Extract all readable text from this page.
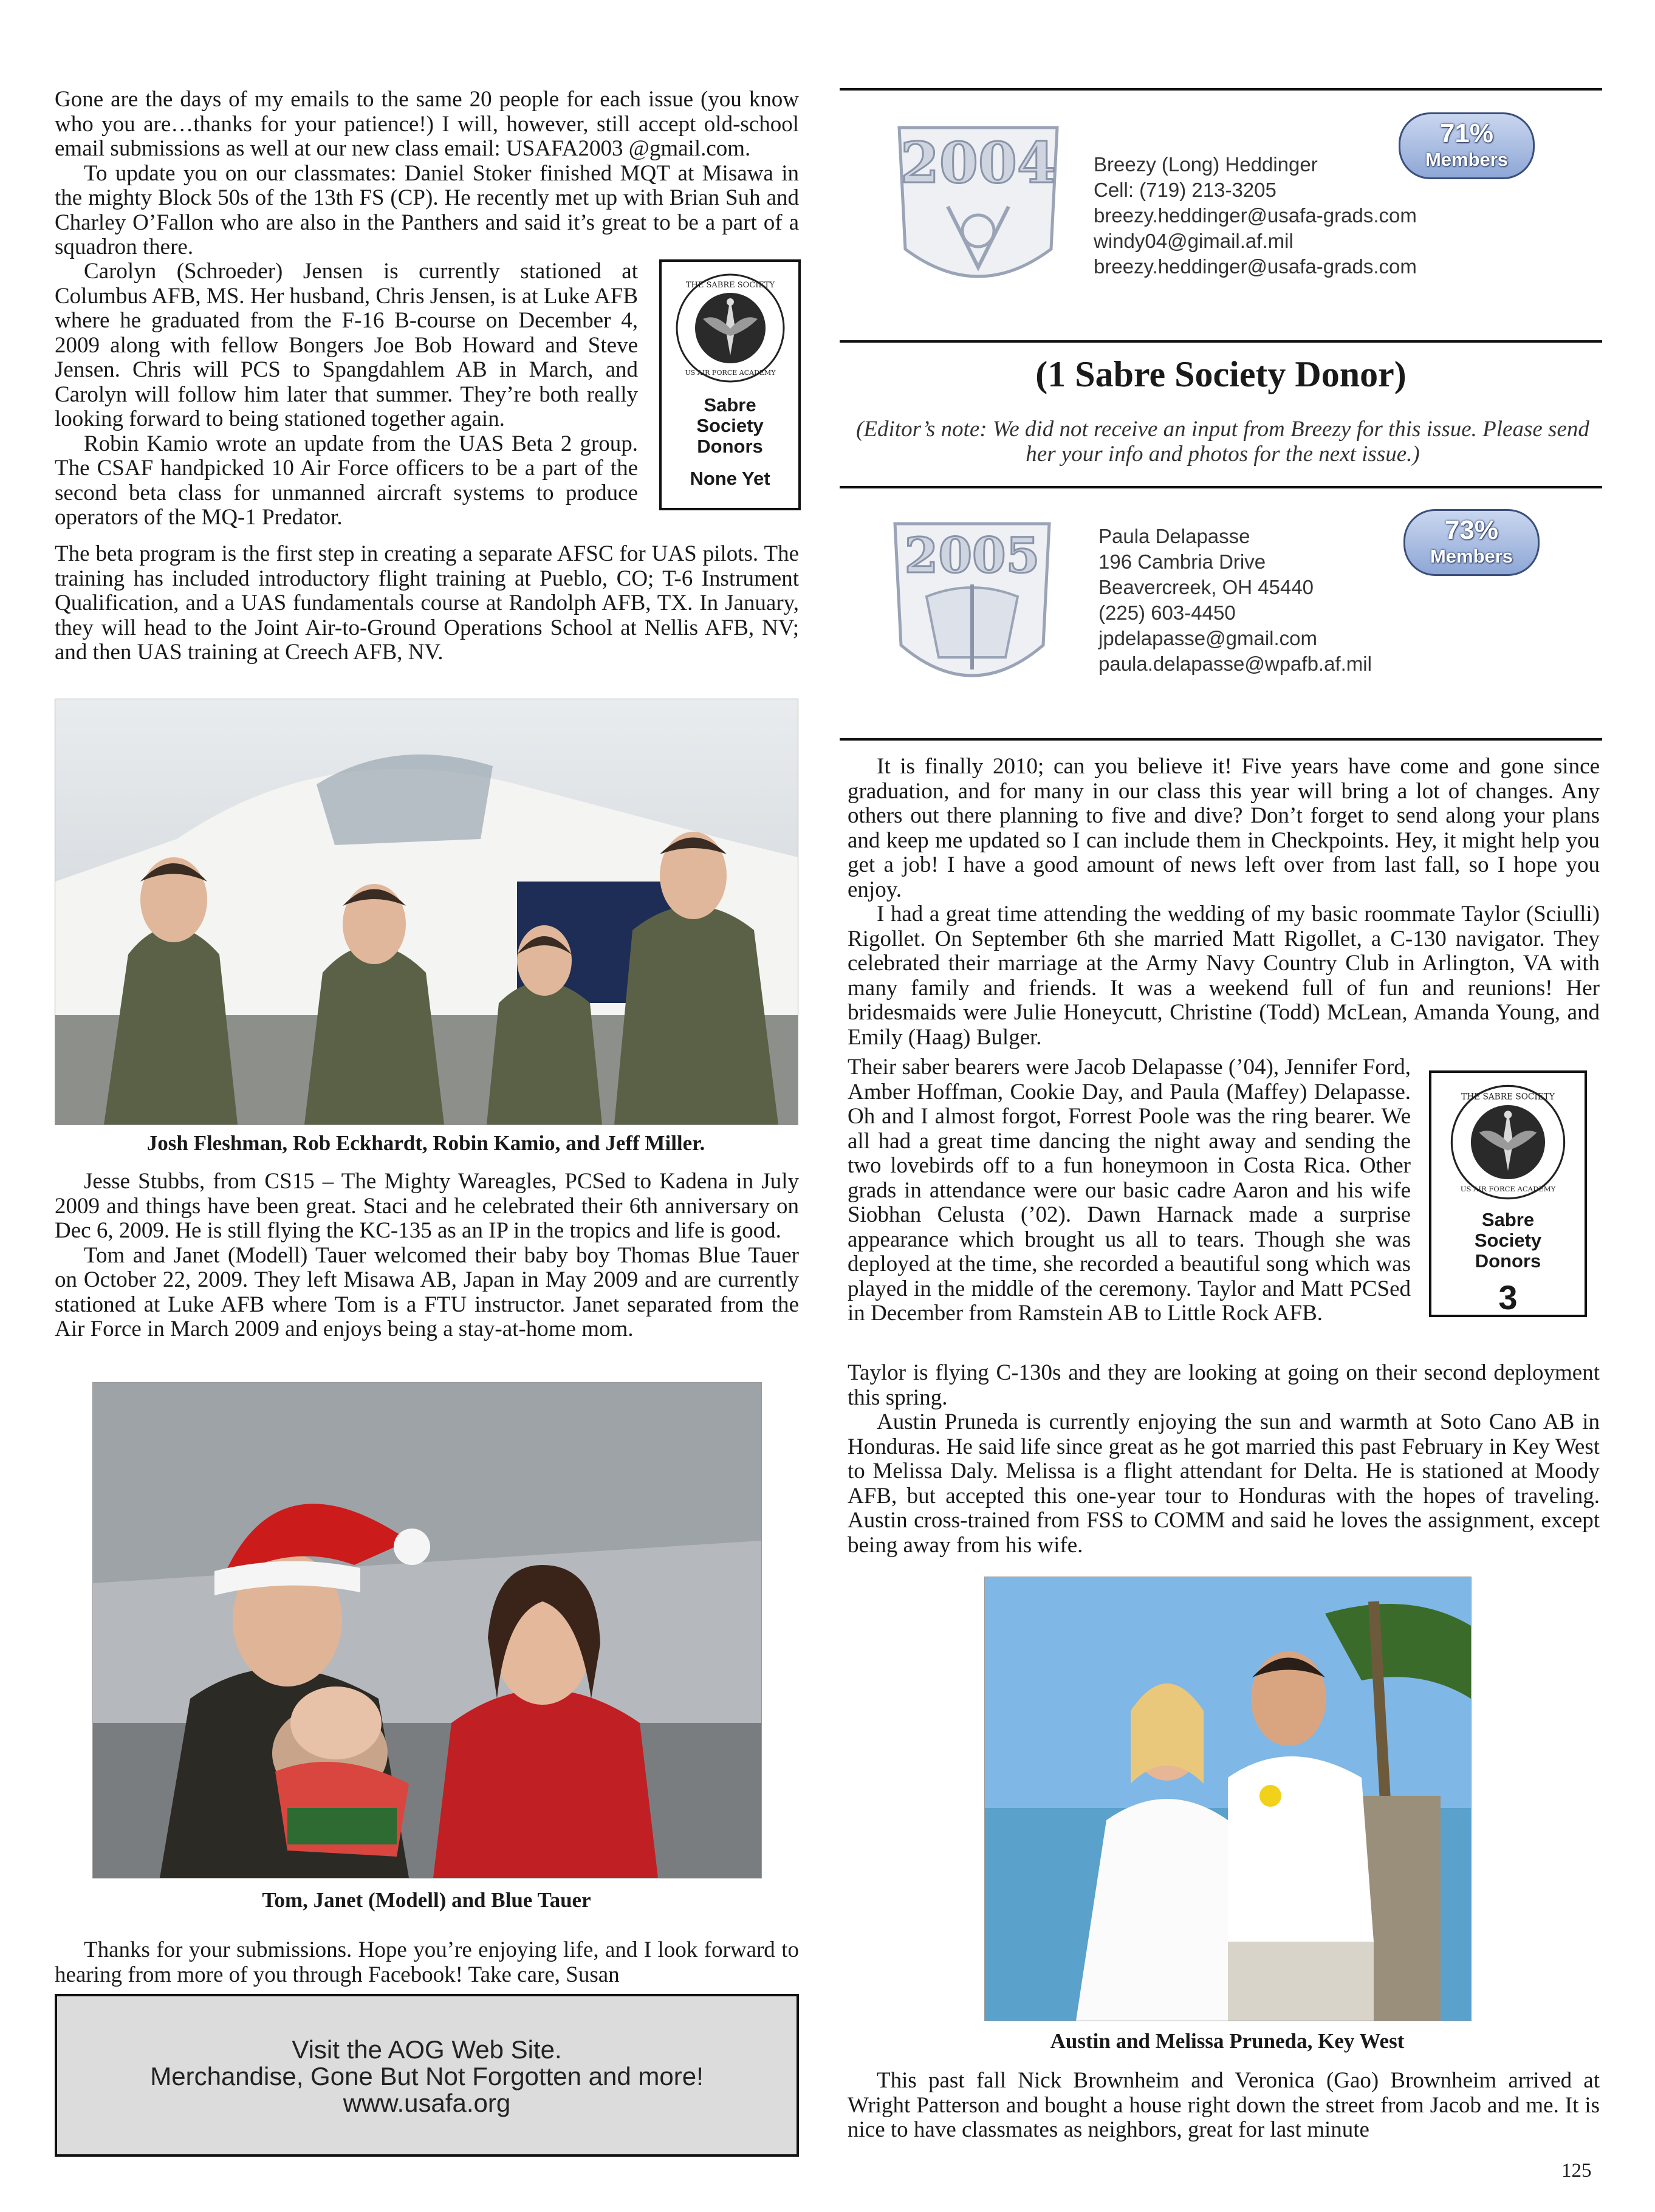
Gone are the days of my emails to the same 20 people for each issue (you know who you are…thanks for your patience!) I will, however, still accept old-school email submissions as well at our new class email: USAFA2003 @gmail.com.

To update you on our classmates: Daniel Stoker finished MQT at Misawa in the mighty Block 50s of the 13th FS (CP). He recently met up with Brian Suh and Charley O’Fallon who are also in the Panthers and said it’s great to be a part of a squadron there.

Carolyn (Schroeder) Jensen is currently stationed at Columbus AFB, MS. Her husband, Chris Jensen, is at Luke AFB where he graduated from the F-16 B-course on December 4, 2009 along with fellow Bongers Joe Bob Howard and Steve Jensen. Chris will PCS to Spangdahlem AB in March, and Carolyn will follow him later that summer. They’re both really looking forward to being stationed together again.

Robin Kamio wrote an update from the UAS Beta 2 group. The CSAF handpicked 10 Air Force officers to be a part of the second beta class for unmanned aircraft systems to produce operators of the MQ-1 Predator.

The beta program is the first step in creating a separate AFSC for UAS pilots. The training has included introductory flight training at Pueblo, CO; T-6 Instrument Qualification, and a UAS fundamentals course at Randolph AFB, TX. In January, they will head to the Joint Air-to-Ground Operations School at Nellis AFB, NV; and then UAS training at Creech AFB, NV.

THE SABRE SOCIETY
US AIR FORCE ACADEMY
Sabre Society Donors
None Yet
Josh Fleshman, Rob Eckhardt, Robin Kamio, and Jeff Miller.

Jesse Stubbs, from CS15 – The Mighty Wareagles, PCSed to Kadena in July 2009 and things have been great. Staci and he celebrated their 6th anniversary on Dec 6, 2009. He is still flying the KC-135 as an IP in the tropics and life is good.

Tom and Janet (Modell) Tauer welcomed their baby boy Thomas Blue Tauer on October 22, 2009. They left Misawa AB, Japan in May 2009 and are currently stationed at Luke AFB where Tom is a FTU instructor. Janet separated from the Air Force in March 2009 and enjoys being a stay-at-home mom.

Tom, Janet (Modell) and Blue Tauer

Thanks for your submissions. Hope you’re enjoying life, and I look forward to hearing from more of you through Facebook! Take care, Susan

Visit the AOG Web Site.
Merchandise, Gone But Not Forgotten and more!
www.usafa.org
2004 Breezy (Long) Heddinger
Cell: (719) 213-3205
breezy.heddinger@usafa-grads.com
windy04@gimail.af.mil
breezy.heddinger@usafa-grads.com
71%
Members
(1 Sabre Society Donor)
(Editor’s note: We did not receive an input from Breezy for this issue. Please send her your info and photos for the next issue.)
2005	Paula Delapasse
196 Cambria Drive
Beavercreek, OH 45440
(225) 603-4450
jpdelapasse@gmail.com
paula.delapasse@wpafb.af.mil
73%
Members

It is finally 2010; can you believe it! Five years have come and gone since graduation, and for many in our class this year will bring a lot of changes. Any others out there planning to five and dive? Don’t forget to send along your plans and keep me updated so I can include them in Checkpoints. Hey, it might help you get a job! I have a good amount of news left over from last fall, so I hope you enjoy.

I had a great time attending the wedding of my basic roommate Taylor (Sciulli) Rigollet. On September 6th she married Matt Rigollet, a C-130 navigator. They celebrated their marriage at the Army Navy Country Club in Arlington, VA with many family and friends. It was a weekend full of fun and reunions! Her bridesmaids were Julie Honeycutt, Christine (Todd) McLean, Amanda Young, and Emily (Haag) Bulger.

Their saber bearers were Jacob Delapasse (’04), Jennifer Ford, Amber Hoffman, Cookie Day, and Paula (Maffey) Delapasse. Oh and I almost forgot, Forrest Poole was the ring bearer. We all had a great time dancing the night away and sending the two lovebirds off to a fun honeymoon in Costa Rica. Other grads in attendance were our basic cadre Aaron and his wife Siobhan Celusta (’02). Dawn Harnack made a surprise appearance which brought us all to tears. Though she was deployed at the time, she recorded a beautiful song which was played in the middle of the ceremony. Taylor and Matt PCSed in December from Ramstein AB to Little Rock AFB.

Taylor is flying C-130s and they are looking at going on their second deployment this spring.

Austin Pruneda is currently enjoying the sun and warmth at Soto Cano AB in Honduras. He said life since great as he got married this past February in Key West to Melissa Daly. Melissa is a flight attendant for Delta. He is stationed at Moody AFB, but accepted this one-year tour to Honduras with the hopes of traveling. Austin cross-trained from FSS to COMM and said he loves the assignment, except being away from his wife.

THE SABRE SOCIETY
US AIR FORCE ACADEMY
Sabre Society Donors
3
Austin and Melissa Pruneda, Key West

This past fall Nick Brownheim and Veronica (Gao) Brownheim arrived at Wright Patterson and bought a house right down the street from Jacob and me. It is nice to have classmates as neighbors, great for last minute

125
